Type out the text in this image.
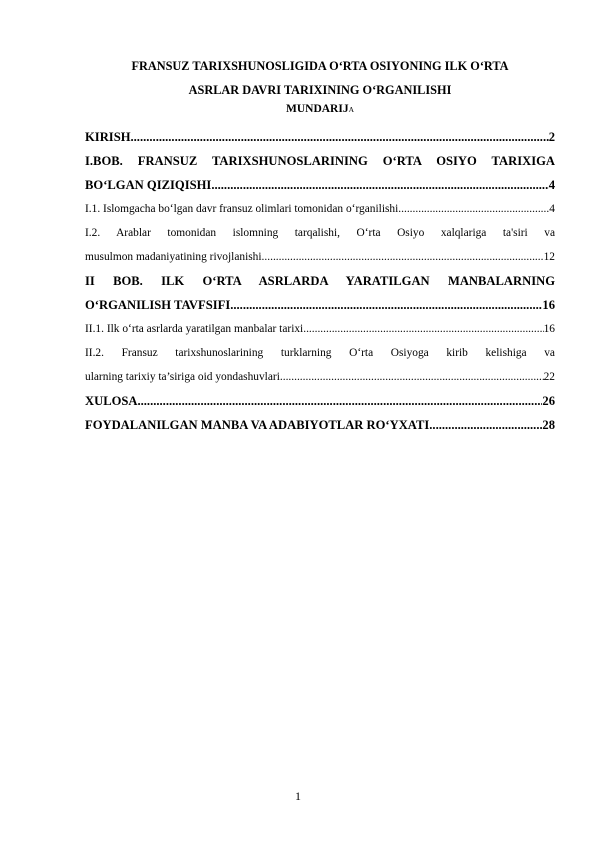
FRANSUZ TARIXSHUNOSLIGIDA O‘RTA OSIYONING ILK O‘RTA
ASRLAR DAVRI TARIXINING O‘RGANILISHI
MUNDARIJA
KIRISH .....	2
I.BOB. FRANSUZ TARIXSHUNOSLARINING O‘RTA OSIYO TARIXIGA
BO‘LGAN QIZIQISHI .....	4
I.1. Islomgacha bo‘lgan davr fransuz olimlari tomonidan o‘rganilishi .....	4
I.2. Arablar tomonidan islomning tarqalishi, O‘rta Osiyo xalqlariga ta'siri va
musulmon madaniyatining rivojlanishi .....	12
II BOB. ILK O‘RTA ASRLARDA YARATILGAN MANBALARNING
O‘RGANILISH TAVFSIFI .....	16
II.1. Ilk o‘rta asrlarda yaratilgan manbalar tarixi .....	16
II.2. Fransuz tarixshunoslarining turklarning O‘rta Osiyoga kirib kelishiga va
ularning tarixiy ta’siriga oid yondashuvlari .....	22
XULOSA .....	26
FOYDALANILGAN MANBA VA ADABIYOTLAR RO‘YXATI .....	28
1
